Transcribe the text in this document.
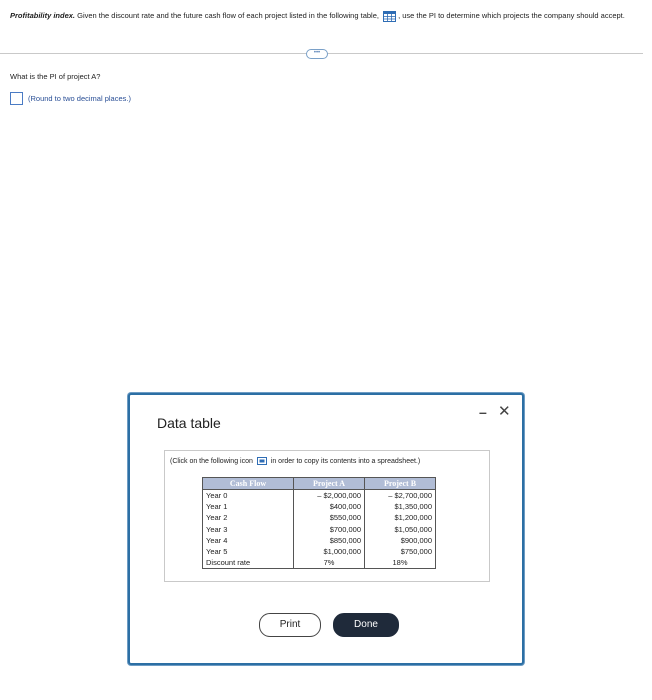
Profitability index. Given the discount rate and the future cash flow of each project listed in the following table,	, use the PI to determine which projects the company should accept.
•••
What is the PI of project A?
(Round to two decimal places.)
Data table
– ✕
(Click on the following icon	in order to copy its contents into a spreadsheet.)
Cash Flow	Project A	Project B
Year 0	– $2,000,000	– $2,700,000
Year 1	$400,000	$1,350,000
Year 2	$550,000	$1,200,000
Year 3	$700,000	$1,050,000
Year 4	$850,000	$900,000
Year 5	$1,000,000	$750,000
Discount rate	7%	18%
Print	Done
